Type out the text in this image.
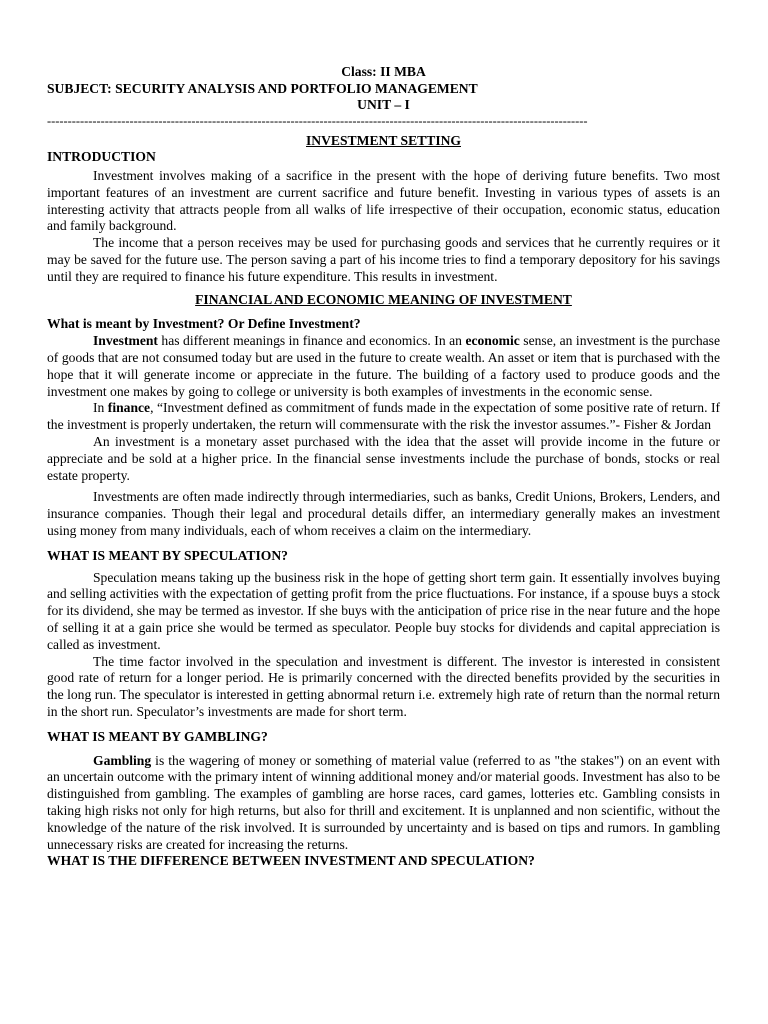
Class: II MBA
SUBJECT: SECURITY ANALYSIS AND PORTFOLIO MANAGEMENT
UNIT – I
-----------------------------------------------------------------------------------------------------------------------------------
INVESTMENT SETTING
INTRODUCTION

Investment involves making of a sacrifice in the present with the hope of deriving future benefits. Two most important features of an investment are current sacrifice and future benefit. Investing in various types of assets is an interesting activity that attracts people from all walks of life irrespective of their occupation, economic status, education and family background.

The income that a person receives may be used for purchasing goods and services that he currently requires or it may be saved for the future use. The person saving a part of his income tries to find a temporary depository for his savings until they are required to finance his future expenditure. This results in investment.

FINANCIAL AND ECONOMIC MEANING OF INVESTMENT
What is meant by Investment? Or Define Investment?

Investment has different meanings in finance and economics. In an economic sense, an investment is the purchase of goods that are not consumed today but are used in the future to create wealth. An asset or item that is purchased with the hope that it will generate income or appreciate in the future. The building of a factory used to produce goods and the investment one makes by going to college or university is both examples of investments in the economic sense.

In finance, “Investment defined as commitment of funds made in the expectation of some positive rate of return. If the investment is properly undertaken, the return will commensurate with the risk the investor assumes.”- Fisher & Jordan

An investment is a monetary asset purchased with the idea that the asset will provide income in the future or appreciate and be sold at a higher price. In the financial sense investments include the purchase of bonds, stocks or real estate property.

Investments are often made indirectly through intermediaries, such as banks, Credit Unions, Brokers, Lenders, and insurance companies. Though their legal and procedural details differ, an intermediary generally makes an investment using money from many individuals, each of whom receives a claim on the intermediary.

WHAT IS MEANT BY SPECULATION?

Speculation means taking up the business risk in the hope of getting short term gain. It essentially involves buying and selling activities with the expectation of getting profit from the price fluctuations. For instance, if a spouse buys a stock for its dividend, she may be termed as investor. If she buys with the anticipation of price rise in the near future and the hope of selling it at a gain price she would be termed as speculator. People buy stocks for dividends and capital appreciation is called as investment.

The time factor involved in the speculation and investment is different. The investor is interested in consistent good rate of return for a longer period. He is primarily concerned with the directed benefits provided by the securities in the long run. The speculator is interested in getting abnormal return i.e. extremely high rate of return than the normal return in the short run. Speculator’s investments are made for short term.

WHAT IS MEANT BY GAMBLING?

Gambling is the wagering of money or something of material value (referred to as "the stakes") on an event with an uncertain outcome with the primary intent of winning additional money and/or material goods. Investment has also to be distinguished from gambling. The examples of gambling are horse races, card games, lotteries etc. Gambling consists in taking high risks not only for high returns, but also for thrill and excitement. It is unplanned and non scientific, without the knowledge of the nature of the risk involved. It is surrounded by uncertainty and is based on tips and rumors. In gambling unnecessary risks are created for increasing the returns.

WHAT IS THE DIFFERENCE BETWEEN INVESTMENT AND SPECULATION?
